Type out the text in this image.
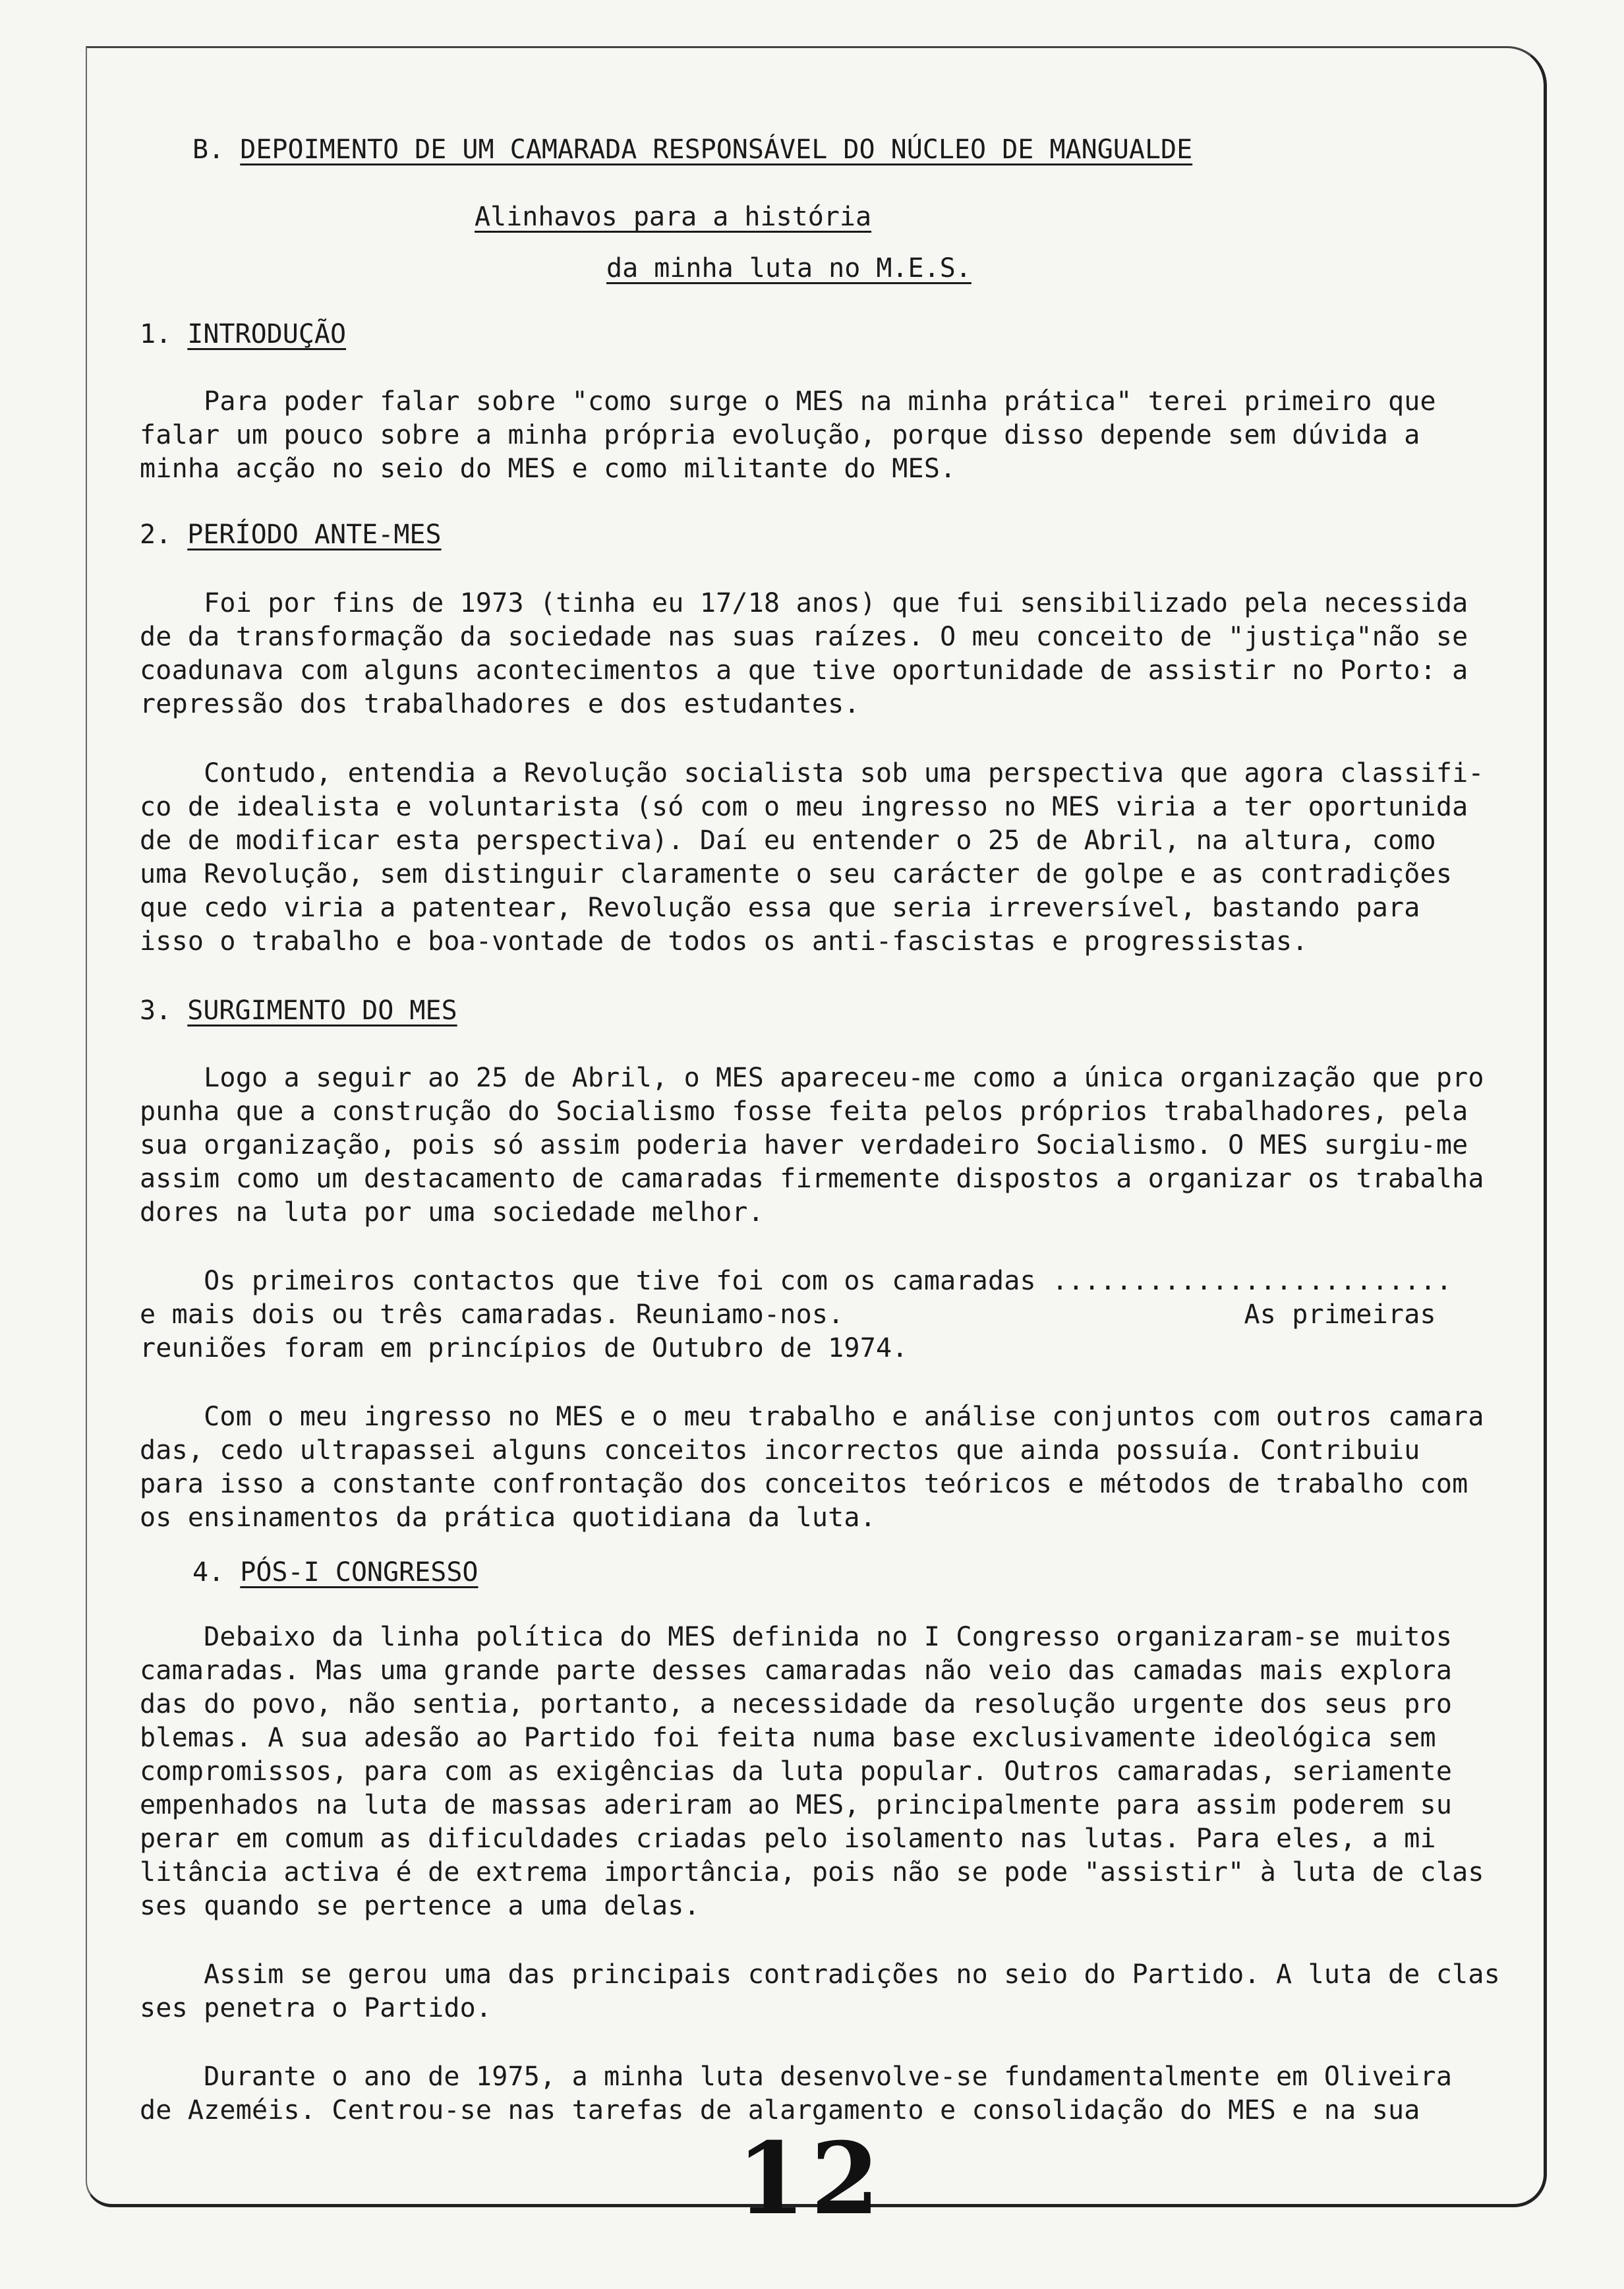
B. DEPOIMENTO DE UM CAMARADA RESPONSÁVEL DO NÚCLEO DE MANGUALDE
Alinhavos para a história
da minha luta no M.E.S.
1. INTRODUÇÃO
Para poder falar sobre "como surge o MES na minha prática" terei primeiro que
falar um pouco sobre a minha própria evolução, porque disso depende sem dúvida a
minha acção no seio do MES e como militante do MES.
2. PERÍODO ANTE-MES
Foi por fins de 1973 (tinha eu 17/18 anos) que fui sensibilizado pela necessida
de da transformação da sociedade nas suas raízes. O meu conceito de "justiça"não se
coadunava com alguns acontecimentos a que tive oportunidade de assistir no Porto: a
repressão dos trabalhadores e dos estudantes.
Contudo, entendia a Revolução socialista sob uma perspectiva que agora classifi-
co de idealista e voluntarista (só com o meu ingresso no MES viria a ter oportunida
de de modificar esta perspectiva). Daí eu entender o 25 de Abril, na altura, como
uma Revolução, sem distinguir claramente o seu carácter de golpe e as contradições
que cedo viria a patentear, Revolução essa que seria irreversível, bastando para
isso o trabalho e boa-vontade de todos os anti-fascistas e progressistas.
3. SURGIMENTO DO MES
Logo a seguir ao 25 de Abril, o MES apareceu-me como a única organização que pro
punha que a construção do Socialismo fosse feita pelos próprios trabalhadores, pela
sua organização, pois só assim poderia haver verdadeiro Socialismo. O MES surgiu-me
assim como um destacamento de camaradas firmemente dispostos a organizar os trabalha
dores na luta por uma sociedade melhor.
Os primeiros contactos que tive foi com os camaradas .........................
e mais dois ou três camaradas. Reuniamo-nos.                         As primeiras
reuniões foram em princípios de Outubro de 1974.
Com o meu ingresso no MES e o meu trabalho e análise conjuntos com outros camara
das, cedo ultrapassei alguns conceitos incorrectos que ainda possuía. Contribuiu
para isso a constante confrontação dos conceitos teóricos e métodos de trabalho com
os ensinamentos da prática quotidiana da luta.
4. PÓS-I CONGRESSO
Debaixo da linha política do MES definida no I Congresso organizaram-se muitos
camaradas. Mas uma grande parte desses camaradas não veio das camadas mais explora
das do povo, não sentia, portanto, a necessidade da resolução urgente dos seus pro
blemas. A sua adesão ao Partido foi feita numa base exclusivamente ideológica sem
compromissos, para com as exigências da luta popular. Outros camaradas, seriamente
empenhados na luta de massas aderiram ao MES, principalmente para assim poderem su
perar em comum as dificuldades criadas pelo isolamento nas lutas. Para eles, a mi
litância activa é de extrema importância, pois não se pode "assistir" à luta de clas
ses quando se pertence a uma delas.
Assim se gerou uma das principais contradições no seio do Partido. A luta de clas
ses penetra o Partido.
Durante o ano de 1975, a minha luta desenvolve-se fundamentalmente em Oliveira
de Azeméis. Centrou-se nas tarefas de alargamento e consolidação do MES e na sua
12
